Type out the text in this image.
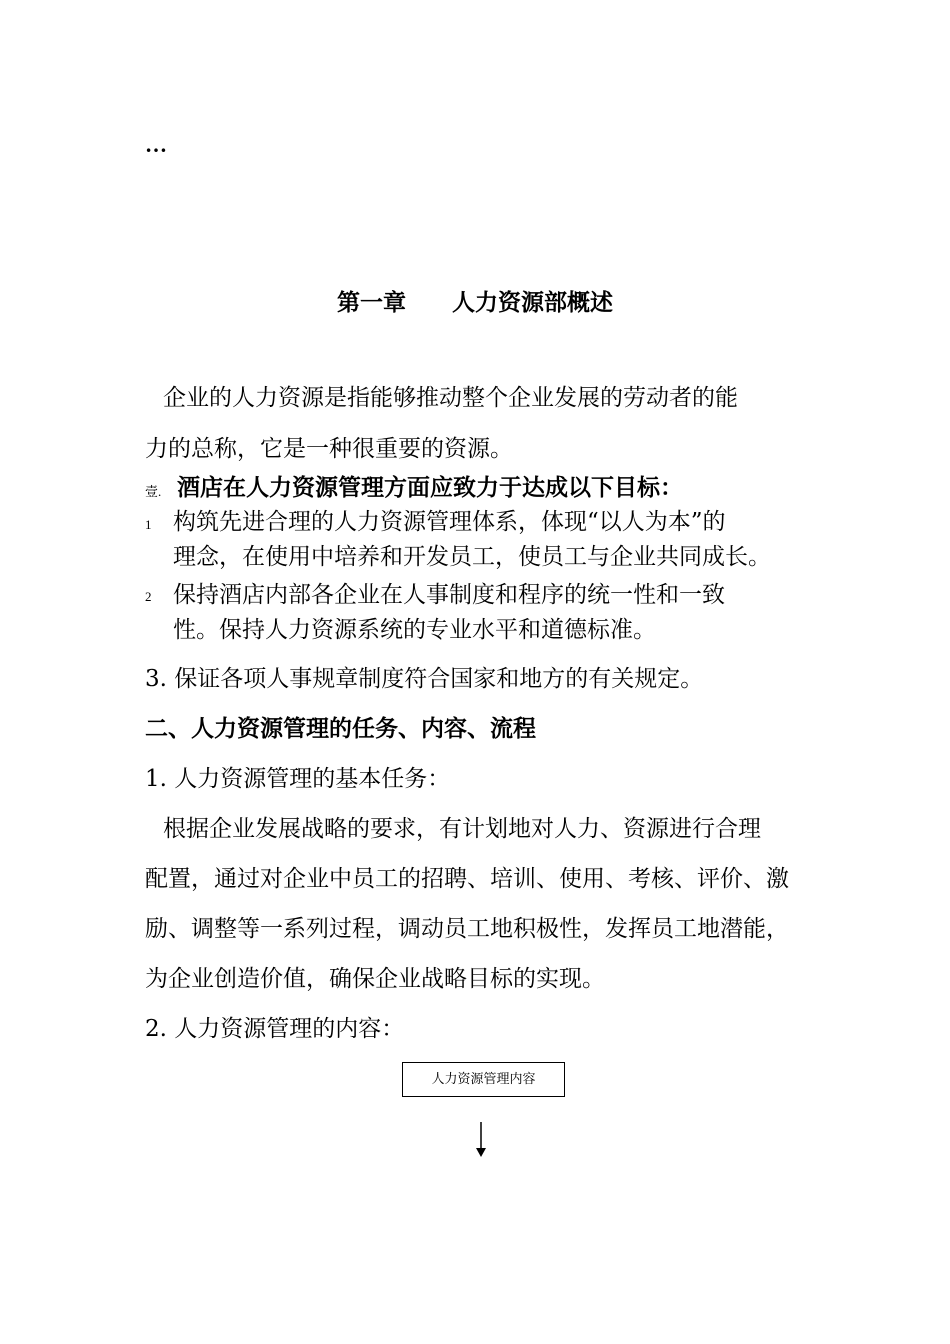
…
第一章 人力资源部概述
企业的人力资源是指能够推动整个企业发展的劳动者的能
力的总称，它是一种很重要的资源。
壹. 酒店在人力资源管理方面应致力于达成以下目标：
1 构筑先进合理的人力资源管理体系，体现“以人为本”的
理念，在使用中培养和开发员工，使员工与企业共同成长。
2 保持酒店内部各企业在人事制度和程序的统一性和一致
性。保持人力资源系统的专业水平和道德标准。
3. 保证各项人事规章制度符合国家和地方的有关规定。
二、人力资源管理的任务、内容、流程
1. 人力资源管理的基本任务：
根据企业发展战略的要求，有计划地对人力、资源进行合理
配置，通过对企业中员工的招聘、培训、使用、考核、评价、激
励、调整等一系列过程，调动员工地积极性，发挥员工地潜能，
为企业创造价值，确保企业战略目标的实现。
2. 人力资源管理的内容：
人力资源管理内容
